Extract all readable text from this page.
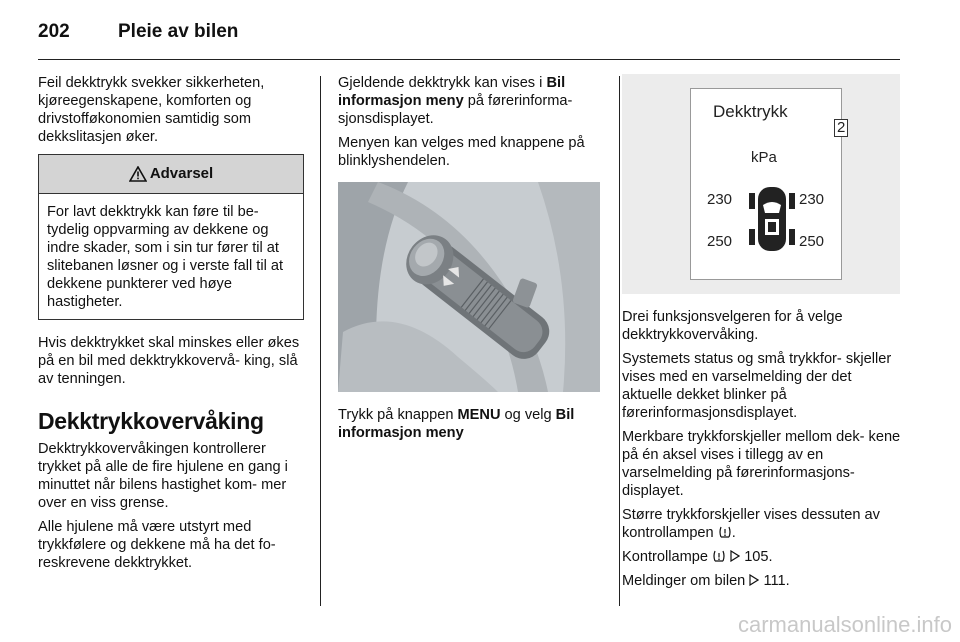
202	Pleie av bilen

Feil dekktrykk svekker sikkerheten, kjøreegenskapene, komforten og drivstofføkonomien samtidig som dekkslitasjen øker.

Advarsel
For lavt dekktrykk kan føre til be- tydelig oppvarming av dekkene og indre skader, som i sin tur fører til at slitebanen løsner og i verste fall til at dekkene punkterer ved høye hastigheter.

Hvis dekktrykket skal minskes eller økes på en bil med dekktrykkovervå- king, slå av tenningen.

Dekktrykkovervåking

Dekktrykkovervåkingen kontrollerer trykket på alle de fire hjulene en gang i minuttet når bilens hastighet kom- mer over en viss grense.

Alle hjulene må være utstyrt med trykkfølere og dekkene må ha det fo- reskrevene dekktrykket.

Gjeldende dekktrykk kan vises i Bil informasjon meny på førerinforma- sjonsdisplayet.

Menyen kan velges med knappene på blinklyshendelen.

Trykk på knappen MENU og velg Bil informasjon meny

Dekktrykk
2
kPa
230	230
250	250

Drei funksjonsvelgeren for å velge dekktrykkovervåking.

Systemets status og små trykkfor- skjeller vises med en varselmelding der det aktuelle dekket blinker på førerinformasjonsdisplayet.

Merkbare trykkforskjeller mellom dek- kene på én aksel vises i tillegg av en varselmelding på førerinformasjons- displayet.

Større trykkforskjeller vises dessuten av kontrollampen .

Kontrollampe 105.

Meldinger om bilen 111.

carmanualsonline.info
